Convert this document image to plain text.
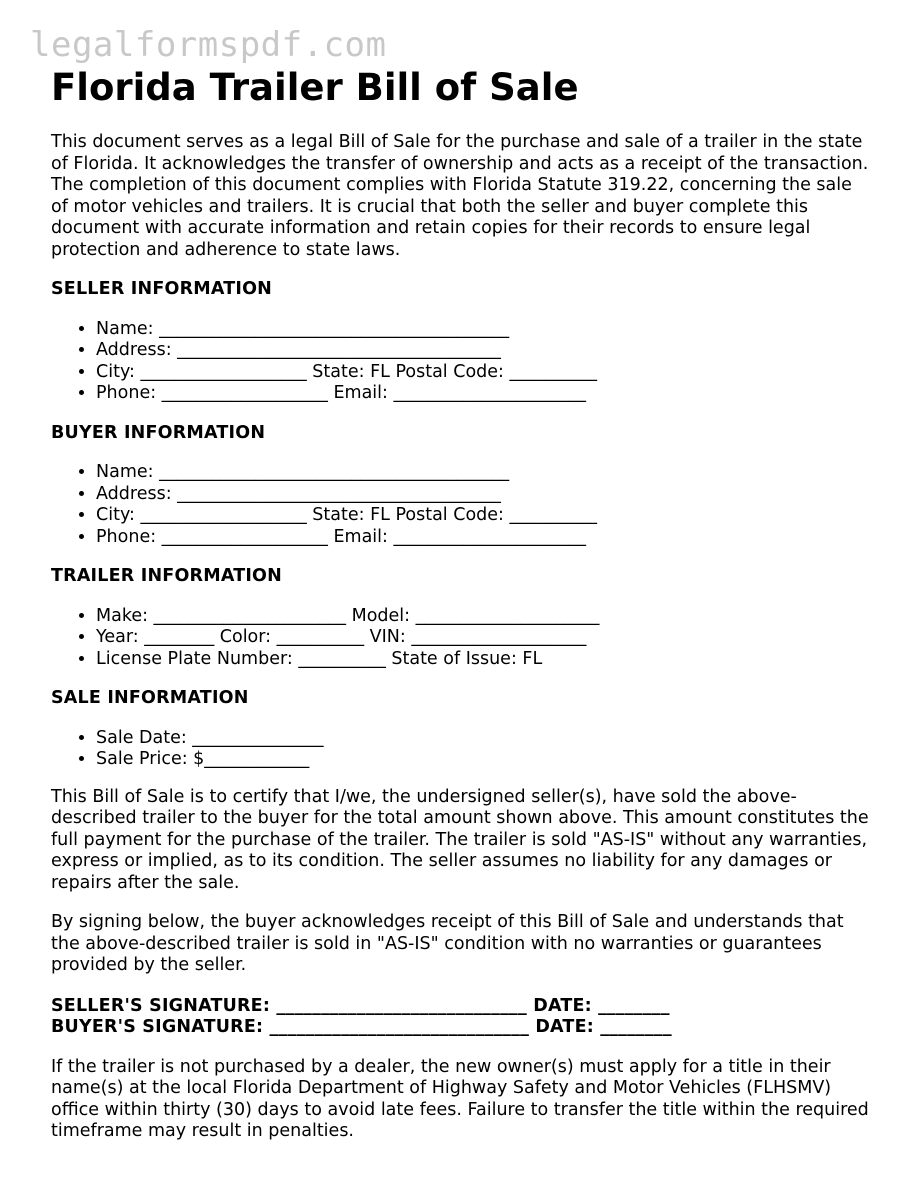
legalformspdf.com
Florida Trailer Bill of Sale

This document serves as a legal Bill of Sale for the purchase and sale of a trailer in the state of Florida. It acknowledges the transfer of ownership and acts as a receipt of the transaction. The completion of this document complies with Florida Statute 319.22, concerning the sale of motor vehicles and trailers. It is crucial that both the seller and buyer complete this document with accurate information and retain copies for their records to ensure legal protection and adherence to state laws.

SELLER INFORMATION
• Name: ________________________________________
• Address: _____________________________________
• City: ___________________ State: FL Postal Code: __________
• Phone: ___________________ Email: ______________________
BUYER INFORMATION
• Name: ________________________________________
• Address: _____________________________________
• City: ___________________ State: FL Postal Code: __________
• Phone: ___________________ Email: ______________________
TRAILER INFORMATION
• Make: ______________________ Model: _____________________
• Year: ________ Color: __________ VIN: ____________________
• License Plate Number: __________ State of Issue: FL
SALE INFORMATION
• Sale Date: _______________
• Sale Price: $____________

This Bill of Sale is to certify that I/we, the undersigned seller(s), have sold the above-described trailer to the buyer for the total amount shown above. This amount constitutes the full payment for the purchase of the trailer. The trailer is sold "AS-IS" without any warranties, express or implied, as to its condition. The seller assumes no liability for any damages or repairs after the sale.

By signing below, the buyer acknowledges receipt of this Bill of Sale and understands that the above-described trailer is sold in "AS-IS" condition with no warranties or guarantees provided by the seller.

SELLER'S SIGNATURE: ____________________________ DATE: ________
BUYER'S SIGNATURE: _____________________________ DATE: ________

If the trailer is not purchased by a dealer, the new owner(s) must apply for a title in their name(s) at the local Florida Department of Highway Safety and Motor Vehicles (FLHSMV) office within thirty (30) days to avoid late fees. Failure to transfer the title within the required timeframe may result in penalties.
